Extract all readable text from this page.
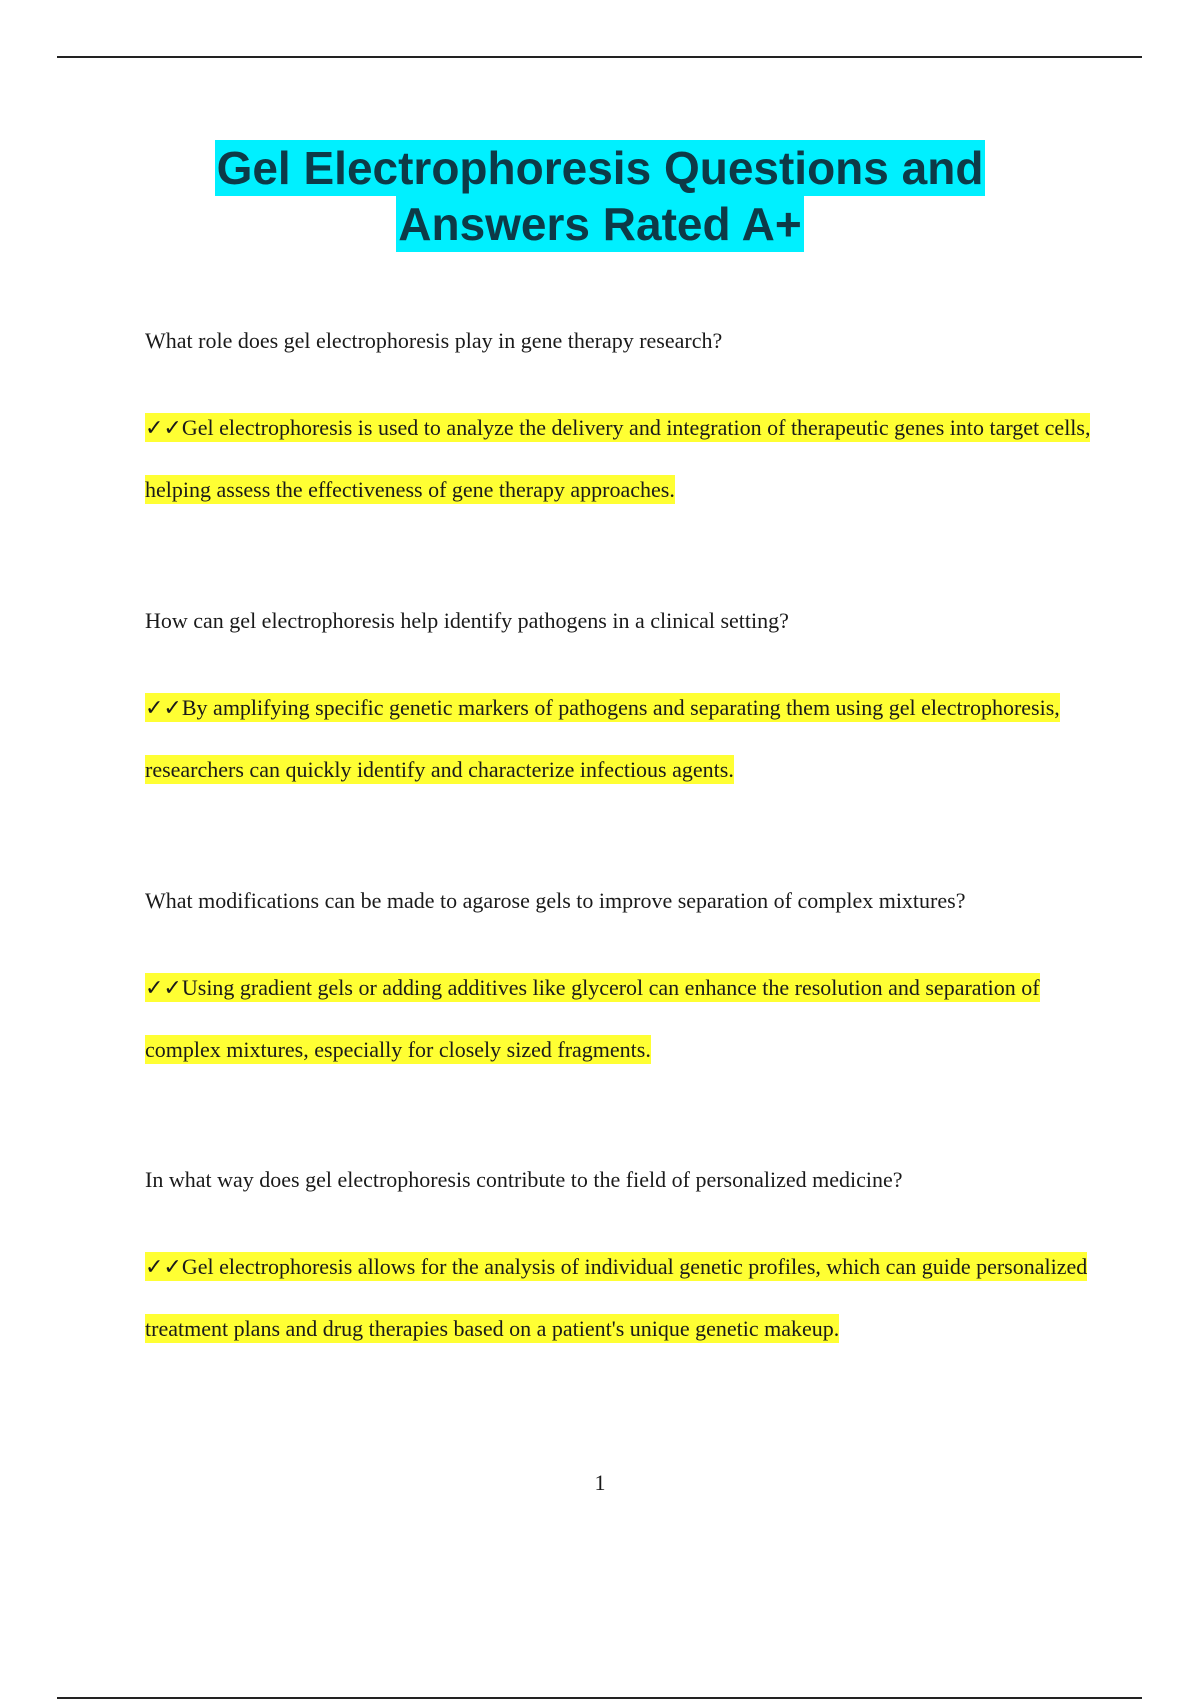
Gel Electrophoresis Questions and
Answers Rated A+
What role does gel electrophoresis play in gene therapy research?
✓✓Gel electrophoresis is used to analyze the delivery and integration of therapeutic genes into target cells, helping assess the effectiveness of gene therapy approaches.
How can gel electrophoresis help identify pathogens in a clinical setting?
✓✓By amplifying specific genetic markers of pathogens and separating them using gel electrophoresis, researchers can quickly identify and characterize infectious agents.
What modifications can be made to agarose gels to improve separation of complex mixtures?
✓✓Using gradient gels or adding additives like glycerol can enhance the resolution and separation of complex mixtures, especially for closely sized fragments.
In what way does gel electrophoresis contribute to the field of personalized medicine?
✓✓Gel electrophoresis allows for the analysis of individual genetic profiles, which can guide personalized treatment plans and drug therapies based on a patient's unique genetic makeup.
1
